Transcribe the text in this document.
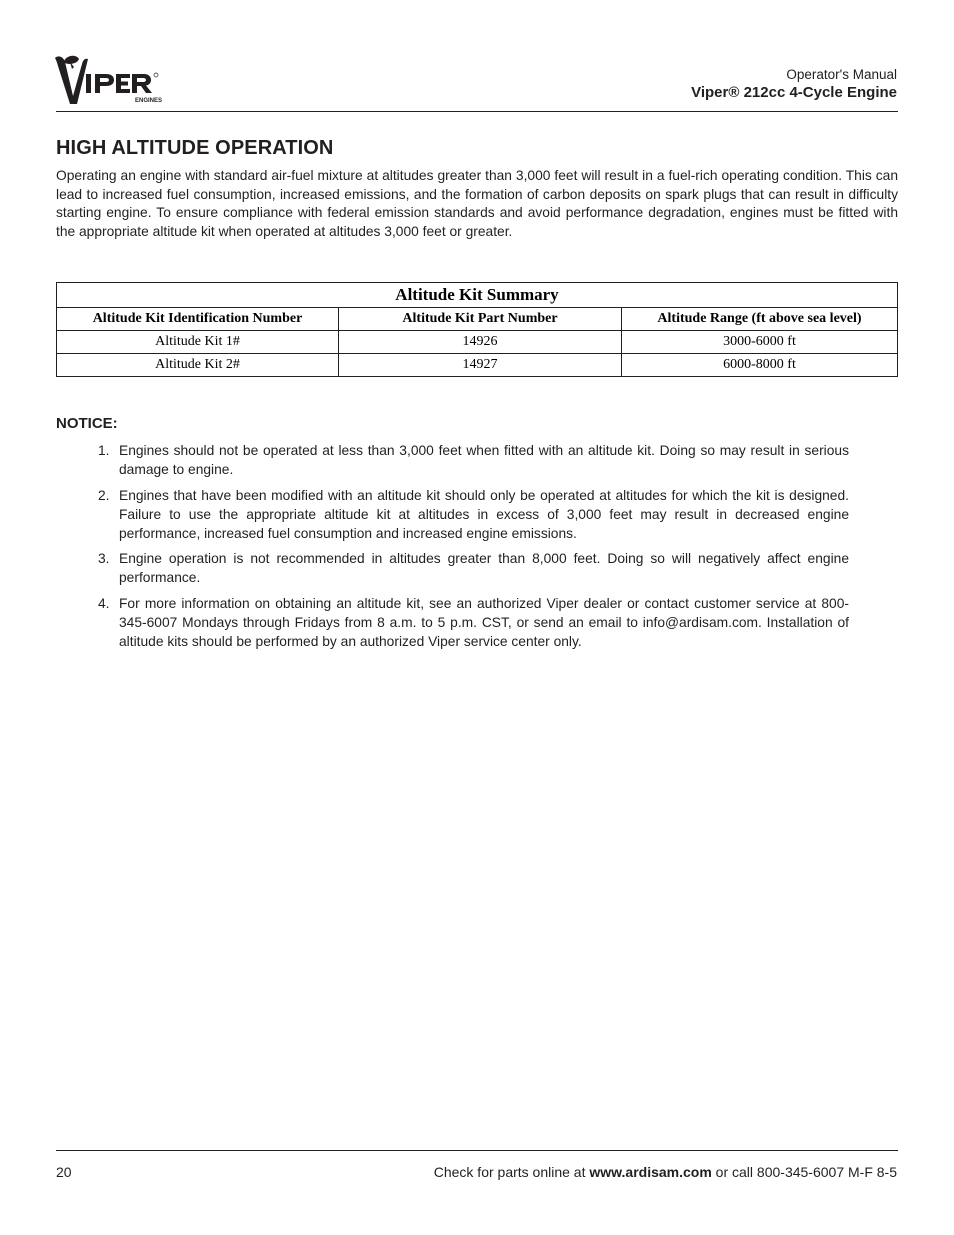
ENGINES
Operator's Manual
Viper® 212cc 4-Cycle Engine
HIGH ALTITUDE OPERATION

Operating an engine with standard air-fuel mixture at altitudes greater than 3,000 feet will result in a fuel-rich operating condition. This can lead to increased fuel consumption, increased emissions, and the formation of carbon deposits on spark plugs that can result in difficulty starting engine. To ensure compliance with federal emission standards and avoid performance degradation, engines must be fitted with the appropriate altitude kit when operated at altitudes 3,000 feet or greater.

Altitude Kit Summary		
Altitude Kit Identification Number	Altitude Kit Part Number	Altitude Range (ft above sea level)
Altitude Kit 1#	14926	3000-6000 ft
Altitude Kit 2#	14927	6000-8000 ft
NOTICE:
1. Engines should not be operated at less than 3,000 feet when fitted with an altitude kit. Doing so may result in serious damage to engine.
2. Engines that have been modified with an altitude kit should only be operated at altitudes for which the kit is designed. Failure to use the appropriate altitude kit at altitudes in excess of 3,000 feet may result in decreased engine performance, increased fuel consumption and increased engine emissions.
3. Engine operation is not recommended in altitudes greater than 8,000 feet. Doing so will negatively affect engine performance.
4. For more information on obtaining an altitude kit, see an authorized Viper dealer or contact customer service at 800-345-6007 Mondays through Fridays from 8 a.m. to 5 p.m. CST, or send an email to info@ardisam.com. Installation of altitude kits should be performed by an authorized Viper service center only.
20	Check for parts online at www.ardisam.com or call 800-345-6007 M-F 8-5
